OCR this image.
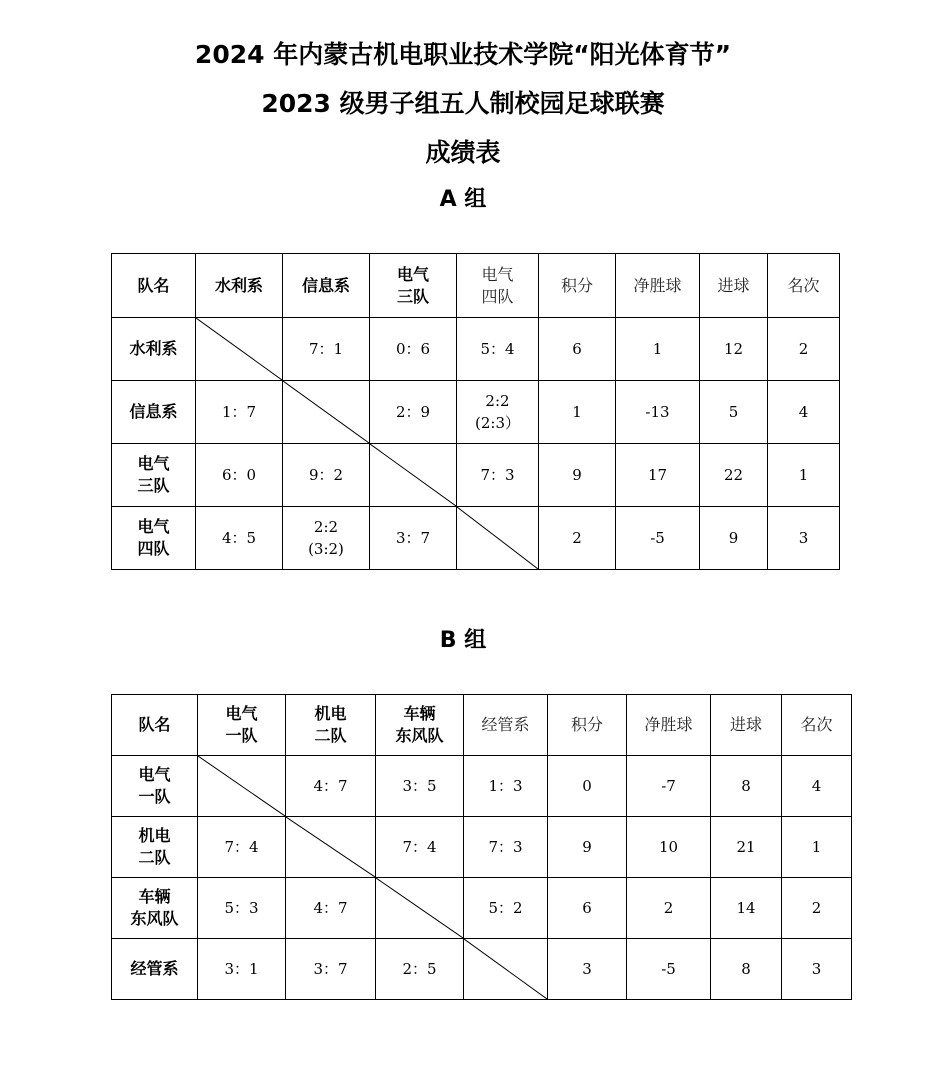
2024 年内蒙古机电职业技术学院“阳光体育节”
2023 级男子组五人制校园足球联赛
成绩表
A 组
队名	水利系	信息系	电气
三队	电气
四队	积分	净胜球	进球	名次

水利系		7：1	0：6	5：4	6	1	12	2

信息系	1：7		2：9	2:2
(2:3）	1	-13	5	4

电气
三队	6：0	9：2		7：3	9	17	22	1

电气
四队	4：5	2:2
(3:2)	3：7		2	-5	9	3
B 组
队名	电气
一队	机电
二队	车辆
东风队	经管系	积分	净胜球	进球	名次

电气
一队		4：7	3：5	1：3	0	-7	8	4

机电
二队	7：4		7：4	7：3	9	10	21	1

车辆
东风队	5：3	4：7		5：2	6	2	14	2

经管系	3：1	3：7	2：5		3	-5	8	3
